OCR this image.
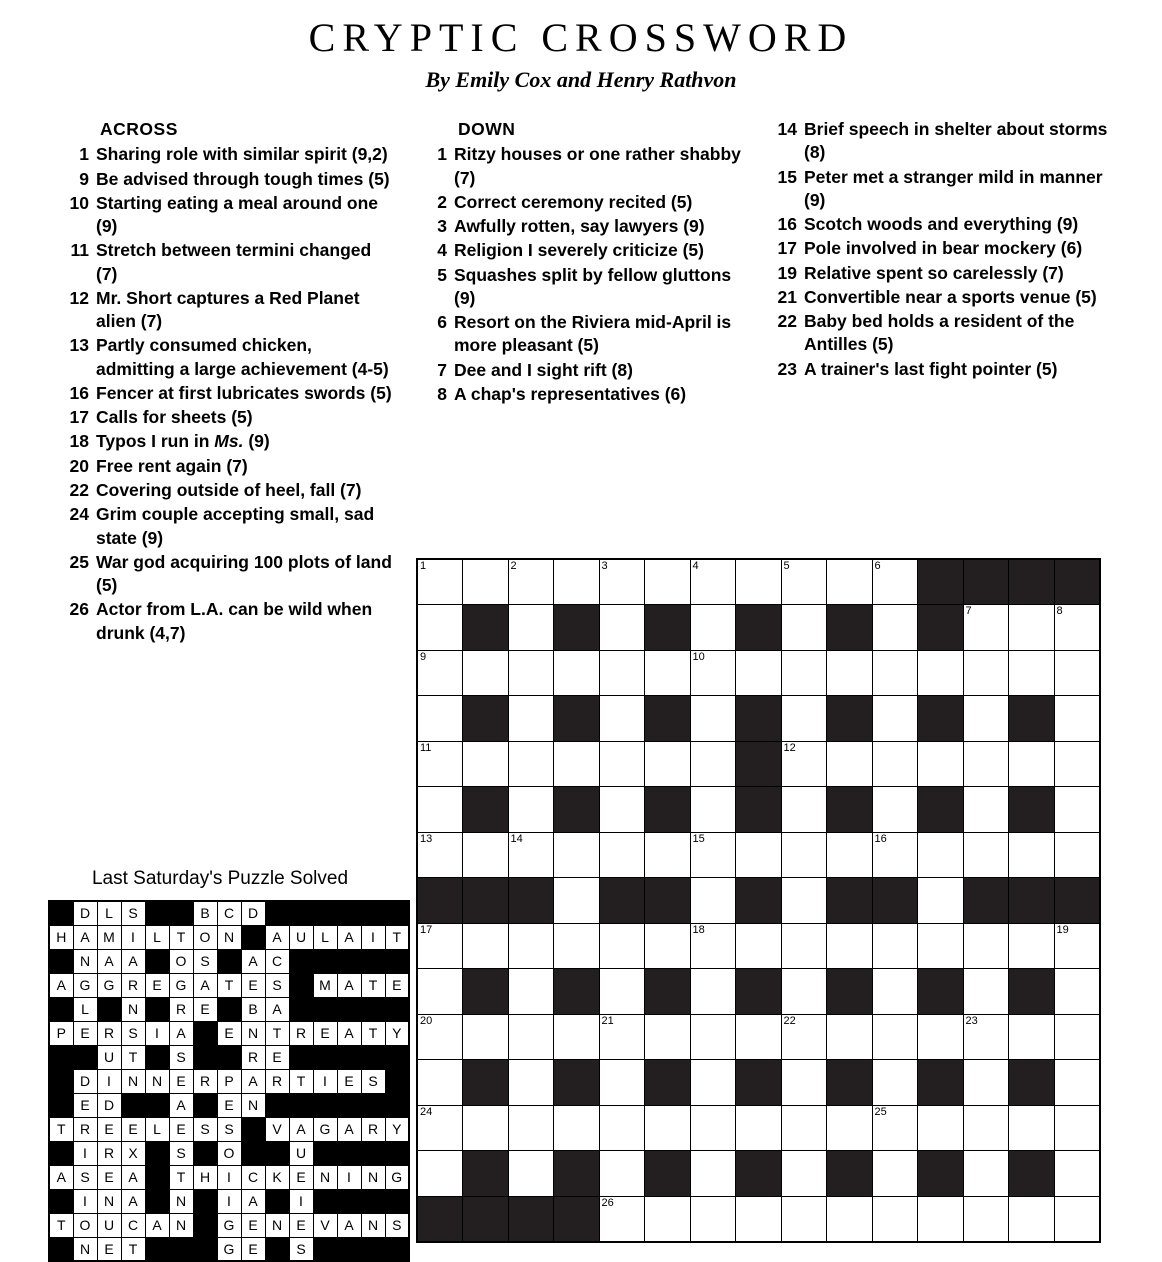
CRYPTIC CROSSWORD
By Emily Cox and Henry Rathvon
ACROSS
1 Sharing role with similar spirit (9,2)
9 Be advised through tough times (5)
10 Starting eating a meal around one (9)
11 Stretch between termini changed (7)
12 Mr. Short captures a Red Planet alien (7)
13 Partly consumed chicken, admitting a large achievement (4-5)
16 Fencer at first lubricates swords (5)
17 Calls for sheets (5)
18 Typos I run in Ms. (9)
20 Free rent again (7)
22 Covering outside of heel, fall (7)
24 Grim couple accepting small, sad state (9)
25 War god acquiring 100 plots of land (5)
26 Actor from L.A. can be wild when drunk (4,7)
DOWN
1 Ritzy houses or one rather shabby (7)
2 Correct ceremony recited (5)
3 Awfully rotten, say lawyers (9)
4 Religion I severely criticize (5)
5 Squashes split by fellow gluttons (9)
6 Resort on the Riviera mid-April is more pleasant (5)
7 Dee and I sight rift (8)
8 A chap's representatives (6)
14 Brief speech in shelter about storms (8)
15 Peter met a stranger mild in manner (9)
16 Scotch woods and everything (9)
17 Pole involved in bear mockery (6)
19 Relative spent so carelessly (7)
21 Convertible near a sports venue (5)
22 Baby bed holds a resident of the Antilles (5)
23 A trainer's last fight pointer (5)
Last Saturday's Puzzle Solved
	D	L	S			B	C	D						
H	A	M	I	L	T	O	N		A	U	L	A	I	T
	N	A	A		O	S		A	C					
A	G	G	R	E	G	A	T	E	S		M	A	T	E
	L		N		R	E		B	A					
P	E	R	S	I	A		E	N	T	R	E	A	T	Y
		U	T		S			R	E					
	D	I	N	N	E	R	P	A	R	T	I	E	S	
	E	D			A		E	N						
T	R	E	E	L	E	S	S		V	A	G	A	R	Y
	I	R	X		S		O			U				
A	S	E	A		T	H	I	C	K	E	N	I	N	G
	I	N	A		N		I	A		I				
T	O	U	C	A	N		G	E	N	E	V	A	N	S
	N	E	T				G	E		S				
1		2		3		4		5		6				

												7		8

9						10								

11								12						

13		14				15				16				

17						18								19

20				21				22				23		

24										25				

				26										
